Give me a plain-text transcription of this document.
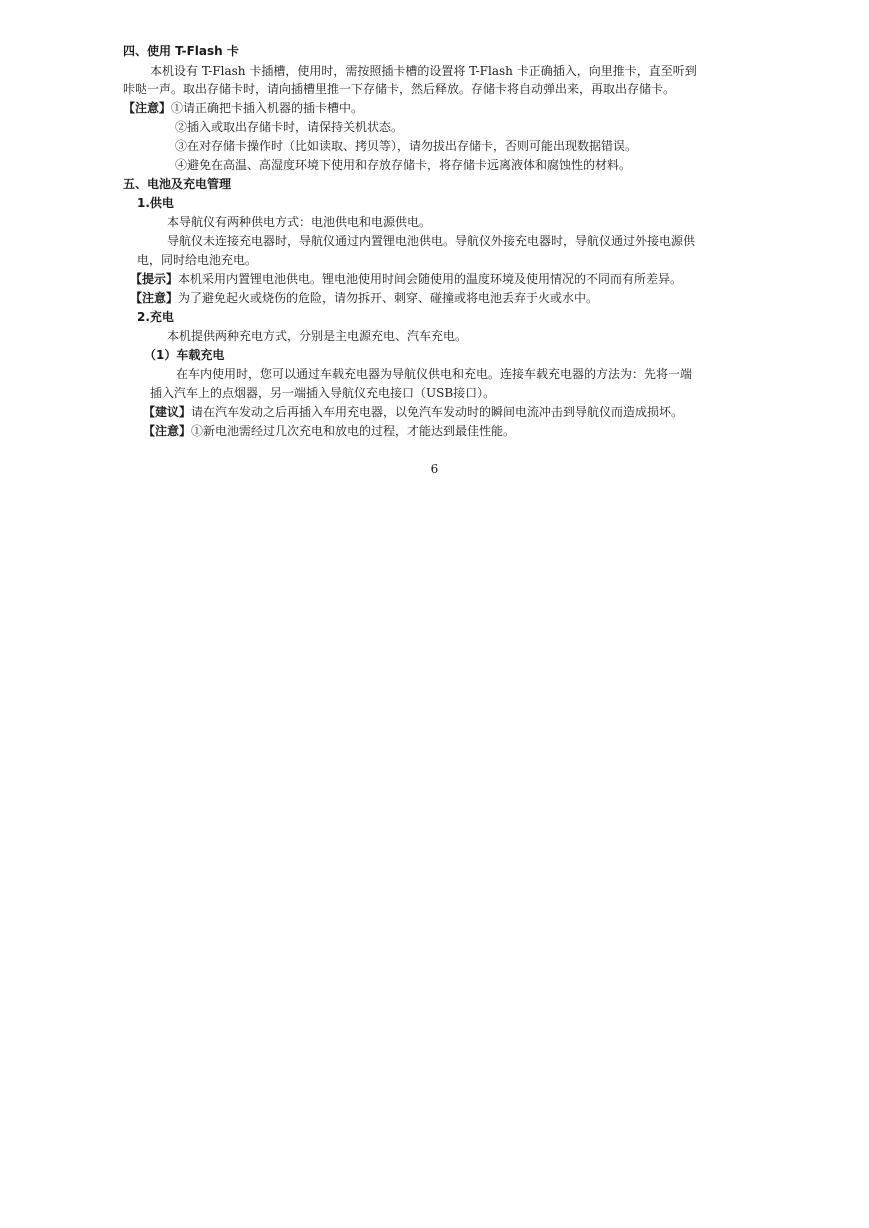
四、使用 T-Flash 卡
本机设有 T-Flash 卡插槽，使用时，需按照插卡槽的设置将 T-Flash 卡正确插入，向里推卡，直至听到
咔哒一声。取出存储卡时，请向插槽里推一下存储卡，然后释放。存储卡将自动弹出来，再取出存储卡。
【注意】①请正确把卡插入机器的插卡槽中。
②插入或取出存储卡时，请保持关机状态。
③在对存储卡操作时（比如读取、拷贝等），请勿拔出存储卡，否则可能出现数据错误。
④避免在高温、高湿度环境下使用和存放存储卡，将存储卡远离液体和腐蚀性的材料。
五、电池及充电管理
1.供电
本导航仪有两种供电方式：电池供电和电源供电。
导航仪未连接充电器时，导航仪通过内置锂电池供电。导航仪外接充电器时，导航仪通过外接电源供
电，同时给电池充电。
【提示】本机采用内置锂电池供电。锂电池使用时间会随使用的温度环境及使用情况的不同而有所差异。
【注意】为了避免起火或烧伤的危险，请勿拆开、刺穿、碰撞或将电池丢弃于火或水中。
2.充电
本机提供两种充电方式，分别是主电源充电、汽车充电。
（1）车载充电
在车内使用时，您可以通过车载充电器为导航仪供电和充电。连接车载充电器的方法为：先将一端
插入汽车上的点烟器，另一端插入导航仪充电接口（USB接口）。
【建议】请在汽车发动之后再插入车用充电器，以免汽车发动时的瞬间电流冲击到导航仪而造成损坏。
【注意】①新电池需经过几次充电和放电的过程，才能达到最佳性能。
6
